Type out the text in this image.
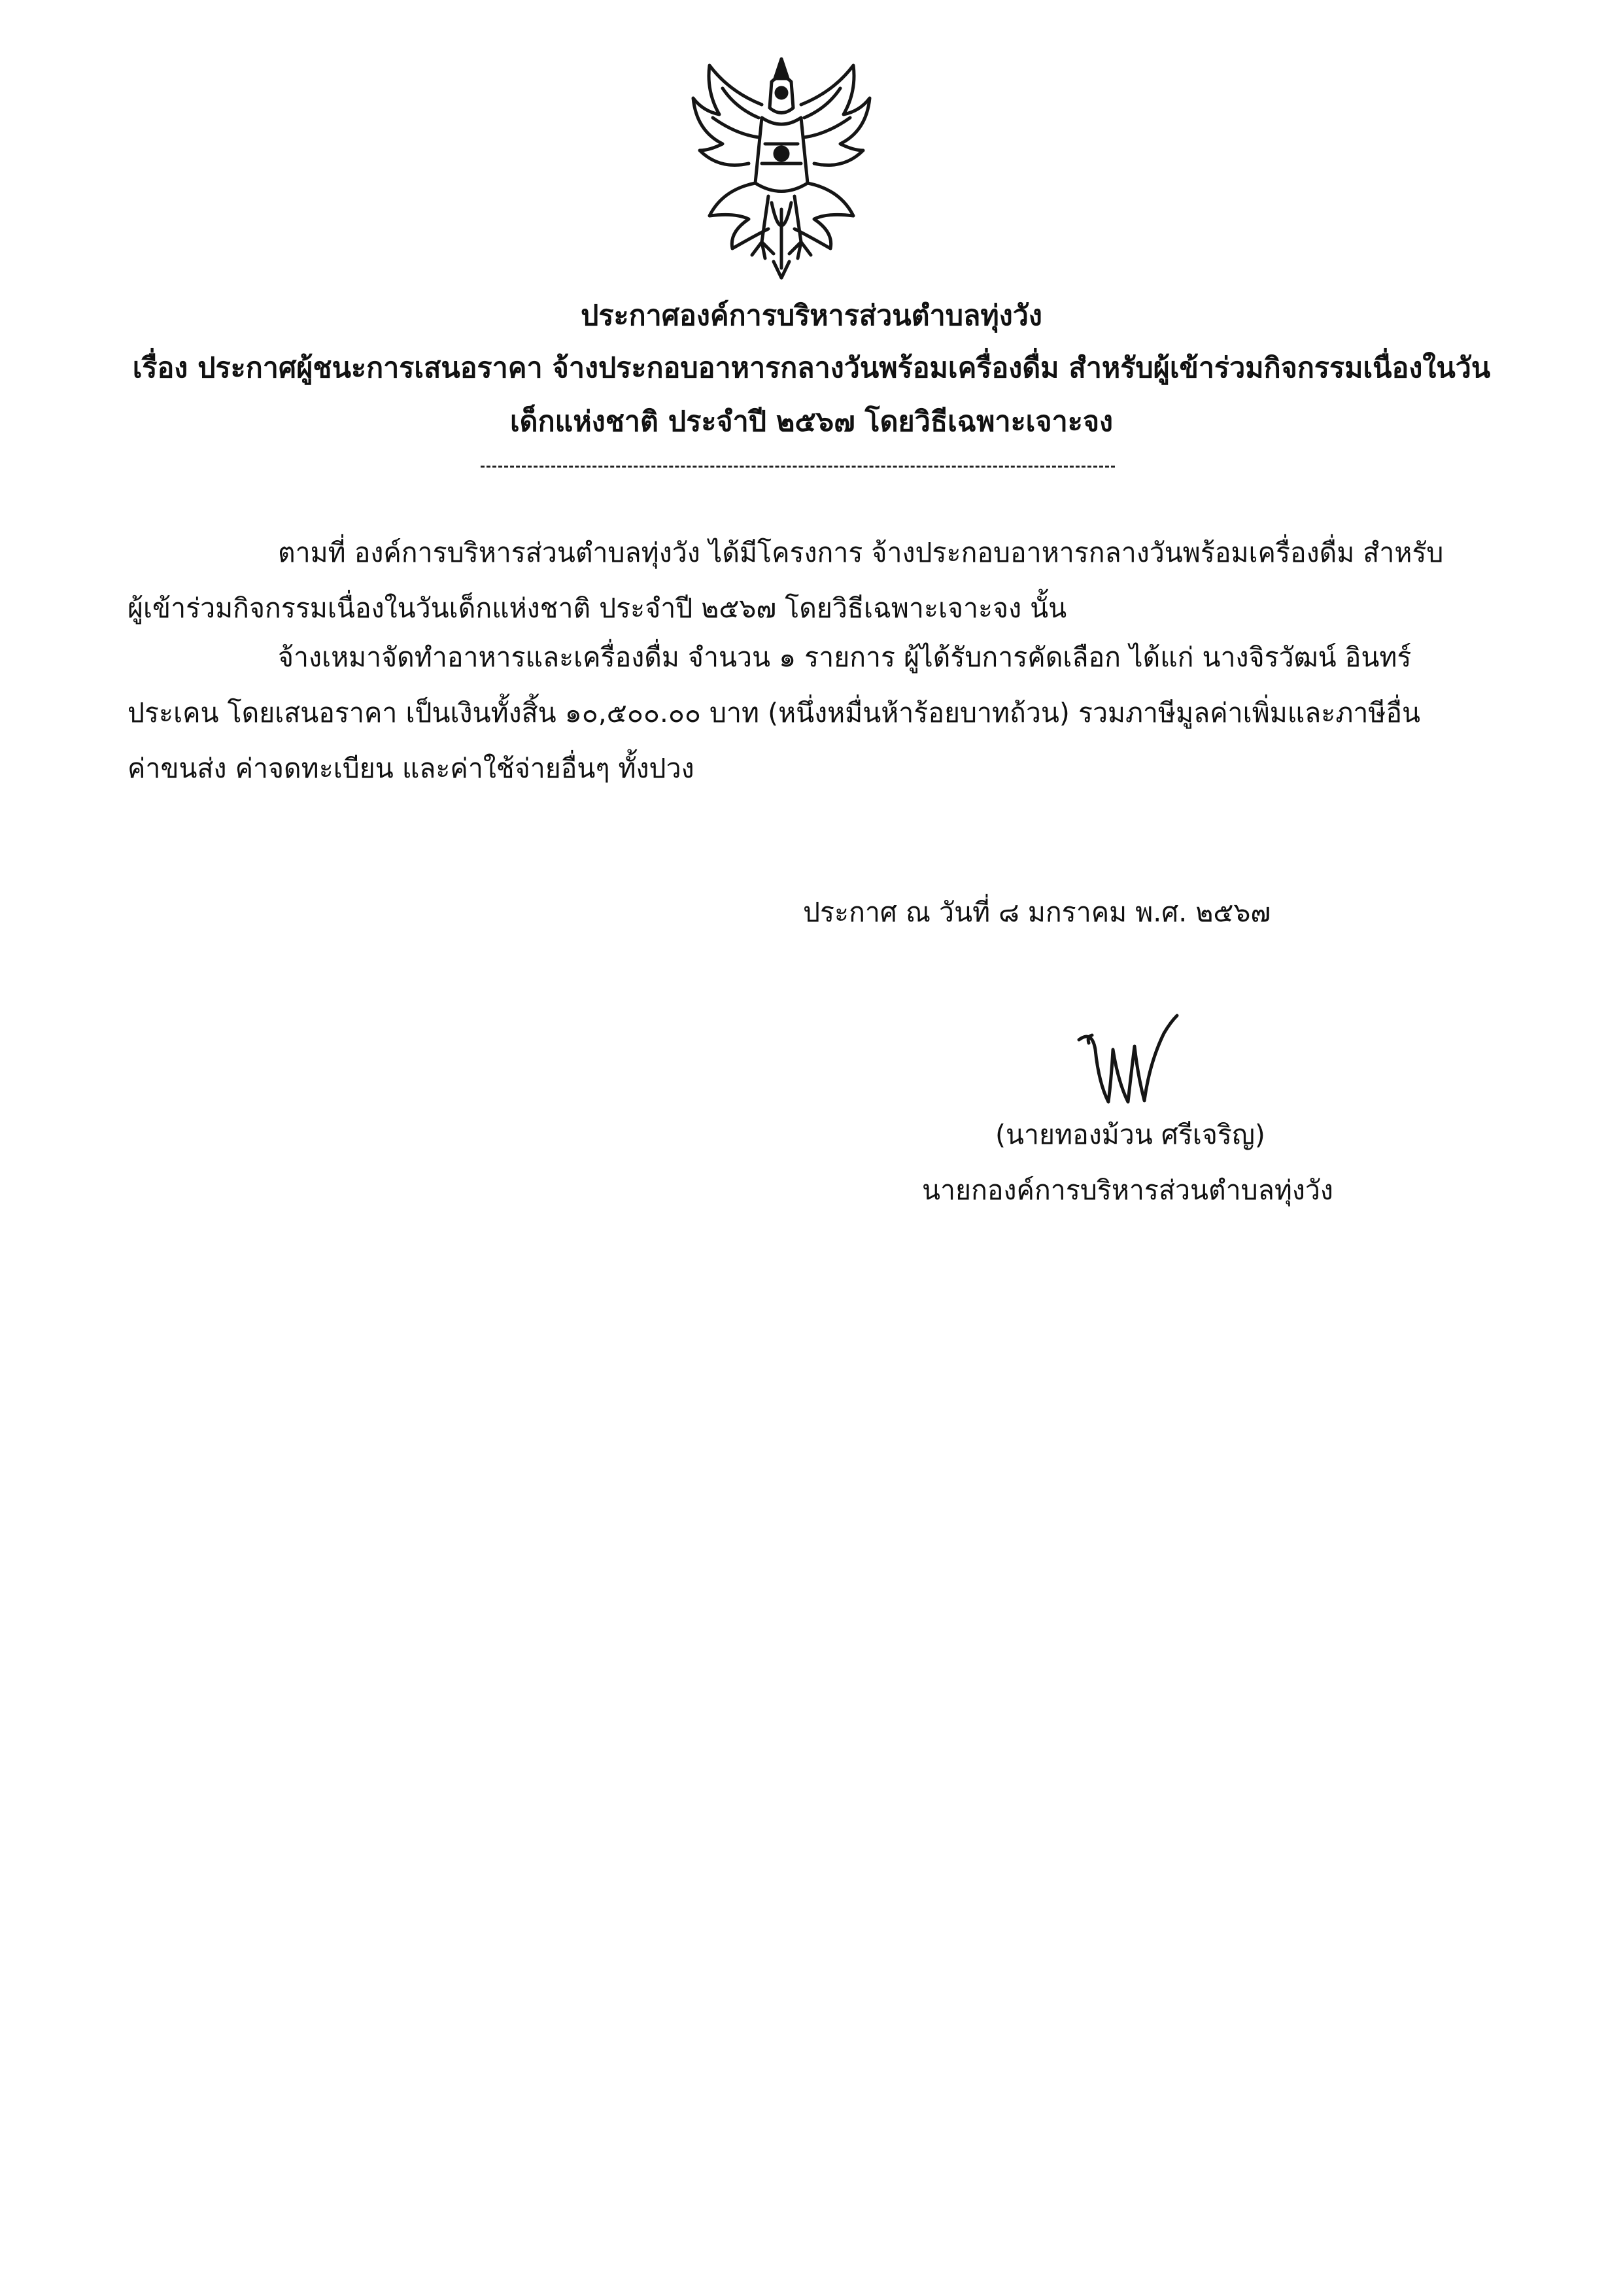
ประกาศองค์การบริหารส่วนตำบลทุ่งวัง
เรื่อง ประกาศผู้ชนะการเสนอราคา จ้างประกอบอาหารกลางวันพร้อมเครื่องดื่ม สำหรับผู้เข้าร่วมกิจกรรมเนื่องในวัน
เด็กแห่งชาติ ประจำปี ๒๕๖๗ โดยวิธีเฉพาะเจาะจง
ตามที่ องค์การบริหารส่วนตำบลทุ่งวัง ได้มีโครงการ จ้างประกอบอาหารกลางวันพร้อมเครื่องดื่ม สำหรับ
ผู้เข้าร่วมกิจกรรมเนื่องในวันเด็กแห่งชาติ ประจำปี ๒๕๖๗ โดยวิธีเฉพาะเจาะจง นั้น
จ้างเหมาจัดทำอาหารและเครื่องดื่ม จำนวน ๑ รายการ ผู้ได้รับการคัดเลือก ได้แก่ นางจิรวัฒน์ อินทร์
ประเคน โดยเสนอราคา เป็นเงินทั้งสิ้น ๑๐,๕๐๐.๐๐ บาท (หนึ่งหมื่นห้าร้อยบาทถ้วน) รวมภาษีมูลค่าเพิ่มและภาษีอื่น
ค่าขนส่ง ค่าจดทะเบียน และค่าใช้จ่ายอื่นๆ ทั้งปวง
ประกาศ ณ วันที่ ๘ มกราคม พ.ศ. ๒๕๖๗
(นายทองม้วน ศรีเจริญ)
นายกองค์การบริหารส่วนตำบลทุ่งวัง
